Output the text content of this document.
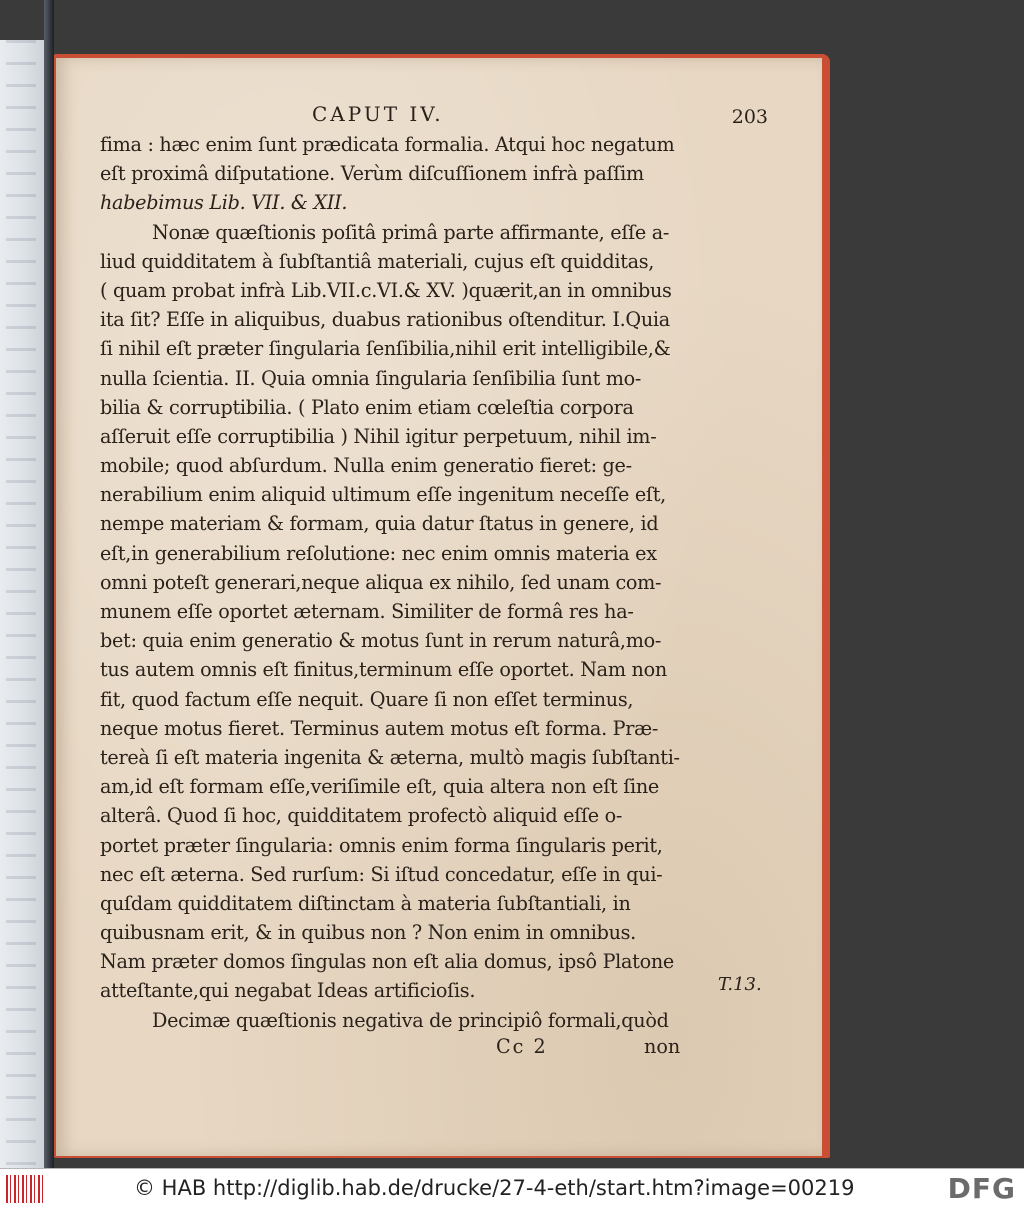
CAPUT IV.	203
fima : hæc enim ſunt prædicata formalia. Atqui hoc negatum
eſt proximâ diſputatione. Verùm diſcuſſionem infrà paſſim
habebimus Lib. VII. & XII.
Nonæ quæſtionis poſitâ primâ parte affirmante, eſſe a-
liud quidditatem à ſubſtantiâ materiali, cujus eſt quidditas,
( quam probat infrà Lib.VII.c.VI.& XV. )quærit,an in omnibus
ita ſit? Eſſe in aliquibus, duabus rationibus oſtenditur. I.Quia
ſi nihil eſt præter ſingularia ſenſibilia,nihil erit intelligibile,&
nulla ſcientia. II. Quia omnia ſingularia ſenſibilia ſunt mo-
bilia & corruptibilia. ( Plato enim etiam cœleſtia corpora
aſſeruit eſſe corruptibilia ) Nihil igitur perpetuum, nihil im-
mobile; quod abſurdum. Nulla enim generatio fieret: ge-
nerabilium enim aliquid ultimum eſſe ingenitum neceſſe eſt,
nempe materiam & formam, quia datur ſtatus in genere, id
eſt,in generabilium reſolutione: nec enim omnis materia ex
omni poteſt generari,neque aliqua ex nihilo, ſed unam com-
munem eſſe oportet æternam. Similiter de formâ res ha-
bet: quia enim generatio & motus ſunt in rerum naturâ,mo-
tus autem omnis eſt finitus,terminum eſſe oportet. Nam non
fit, quod factum eſſe nequit. Quare ſi non eſſet terminus,
neque motus fieret. Terminus autem motus eſt forma. Præ-
tereà ſi eſt materia ingenita & æterna, multò magis ſubſtanti-
am,id eſt formam eſſe,veriſimile eſt, quia altera non eſt ſine
alterâ. Quod ſi hoc, quidditatem profectò aliquid eſſe o-
portet præter ſingularia: omnis enim forma ſingularis perit,
nec eſt æterna. Sed rurſum: Si iſtud concedatur, eſſe in qui-
quſdam quidditatem diſtinctam à materia ſubſtantiali, in
quibusnam erit, & in quibus non ? Non enim in omnibus.
Nam præter domos ſingulas non eſt alia domus, ipsô Platone
atteſtante,qui negabat Ideas artificioſis.
Decimæ quæſtionis negativa de principiô formali,quòd
Cc 2	non
T.13.
© HAB http://diglib.hab.de/drucke/27-4-eth/start.htm?image=00219	DFG
